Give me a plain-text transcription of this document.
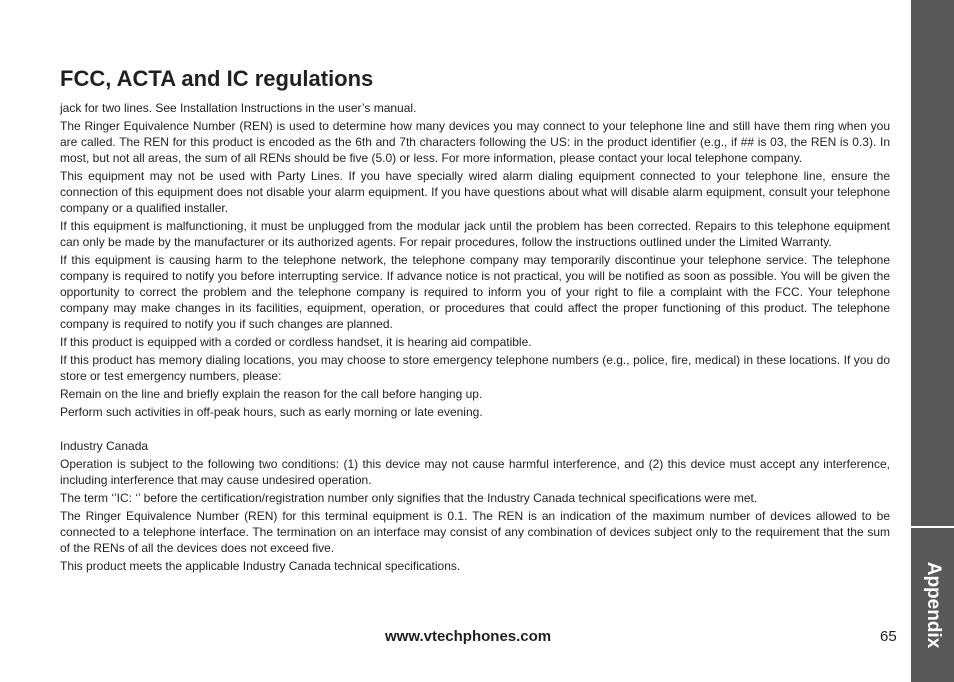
Appendix
FCC, ACTA and IC regulations

jack for two lines. See Installation Instructions in the user’s manual.

The Ringer Equivalence Number (REN) is used to determine how many devices you may connect to your telephone line and still have them ring when you are called. The REN for this product is encoded as the 6th and 7th characters following the US: in the product identifier (e.g., if ## is 03, the REN is 0.3). In most, but not all areas, the sum of all RENs should be five (5.0) or less. For more information, please contact your local telephone company.

This equipment may not be used with Party Lines. If you have specially wired alarm dialing equipment connected to your telephone line, ensure the connection of this equipment does not disable your alarm equipment. If you have questions about what will disable alarm equipment, consult your telephone company or a qualified installer.

If this equipment is malfunctioning, it must be unplugged from the modular jack until the problem has been corrected. Repairs to this telephone equipment can only be made by the manufacturer or its authorized agents. For repair procedures, follow the instructions outlined under the Limited Warranty.

If this equipment is causing harm to the telephone network, the telephone company may temporarily discontinue your telephone service. The telephone company is required to notify you before interrupting service. If advance notice is not practical, you will be notified as soon as possible. You will be given the opportunity to correct the problem and the telephone company is required to inform you of your right to file a complaint with the FCC. Your telephone company may make changes in its facilities, equipment, operation, or procedures that could affect the proper functioning of this product. The telephone company is required to notify you if such changes are planned.

If this product is equipped with a corded or cordless handset, it is hearing aid compatible.

If this product has memory dialing locations, you may choose to store emergency telephone numbers (e.g., police, fire, medical) in these locations. If you do store or test emergency numbers, please:

Remain on the line and briefly explain the reason for the call before hanging up.

Perform such activities in off-peak hours, such as early morning or late evening.

Industry Canada

Operation is subject to the following two conditions: (1) this device may not cause harmful interference, and (2) this device must accept any interference, including interference that may cause undesired operation.

The term ‘’IC: ‘’ before the certification/registration number only signifies that the Industry Canada technical specifications were met.

The Ringer Equivalence Number (REN) for this terminal equipment is 0.1. The REN is an indication of the maximum number of devices allowed to be connected to a telephone interface. The termination on an interface may consist of any combination of devices subject only to the requirement that the sum of the RENs of all the devices does not exceed five.

This product meets the applicable Industry Canada technical specifications.

www.vtechphones.com	65
